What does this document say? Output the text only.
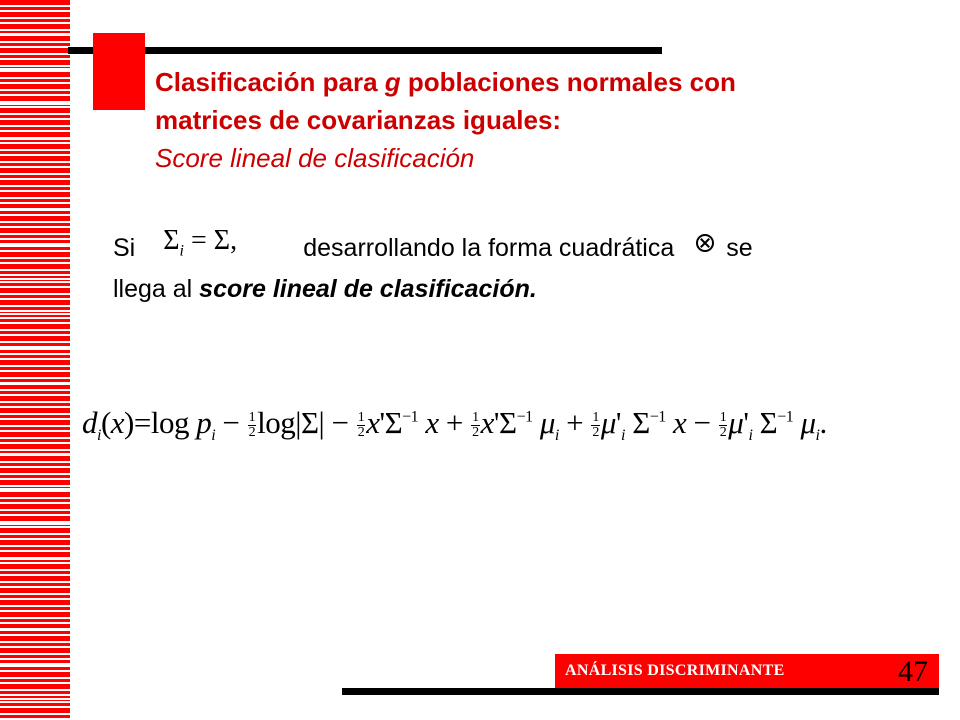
Clasificación para g poblaciones normales con
matrices de covarianzas iguales:
Score lineal de clasificación
Si $\Sigma_i = \Sigma$,	desarrollando la forma cuadrática se
llega al score lineal de clasificación.
$d_i(x)=\log$ $p_i - \frac{1}{2} \log|\Sigma| - \frac{1}{2} x'\Sigma^{-1}$ $x + \frac{1}{2} x'\Sigma^{-1}$ $\mu_i + \frac{1}{2} \mu'_i$ $\Sigma^{-1}$ $x - \frac{1}{2} \mu'_i$ $\Sigma^{-1}$ $\mu_i$.
ANÁLISIS DISCRIMINANTE	47
